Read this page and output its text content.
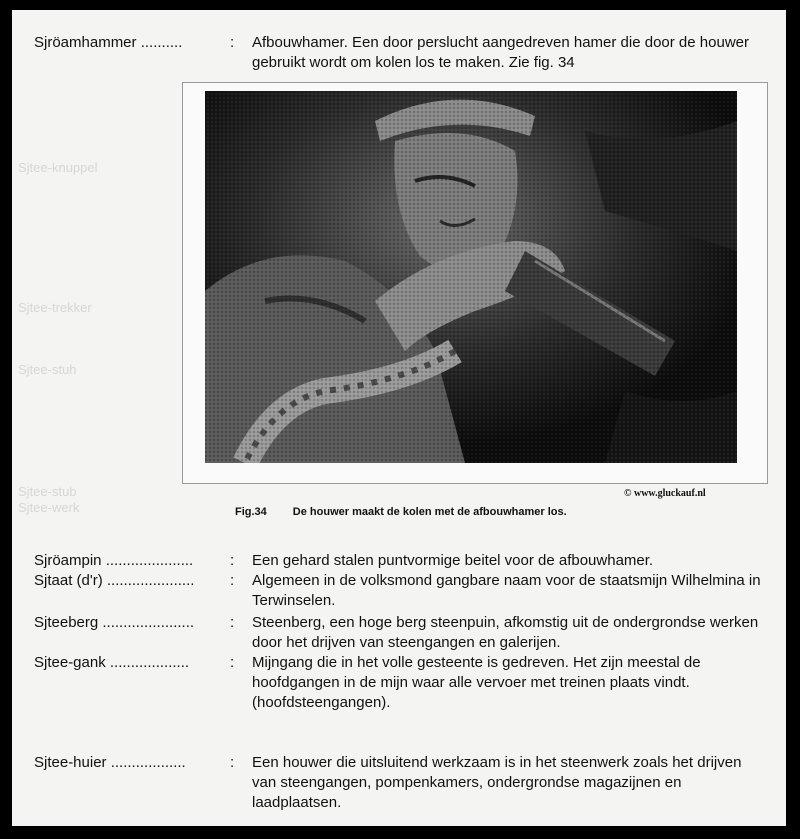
Sjtee-knuppel
Sjtee-trekker
Sjtee-stuh
Sjtee-stub
Sjtee-werk
Sjröamhammer ..........	:	Afbouwhamer. Een door perslucht aangedreven hamer die door de houwer gebruikt wordt om kolen los te maken. Zie fig. 34
© www.gluckauf.nl
Fig.34 De houwer maakt de kolen met de afbouwhamer los.
Sjröampin .....................	:	Een gehard stalen puntvormige beitel voor de afbouwhamer.
Sjtaat (d'r) .....................	:	Algemeen in de volksmond gangbare naam voor de staatsmijn Wilhelmina in Terwinselen.
Sjteeberg ......................	:	Steenberg, een hoge berg steenpuin, afkomstig uit de ondergrondse werken door het drijven van steengangen en galerijen.
Sjtee-gank ...................	:	Mijngang die in het volle gesteente is gedreven. Het zijn meestal de hoofdgangen in de mijn waar alle vervoer met treinen plaats vindt. (hoofdsteengangen).
Sjtee-huier ..................	:	Een houwer die uitsluitend werkzaam is in het steenwerk zoals het drijven van steengangen, pompenkamers, ondergrondse magazijnen en laadplaatsen.
